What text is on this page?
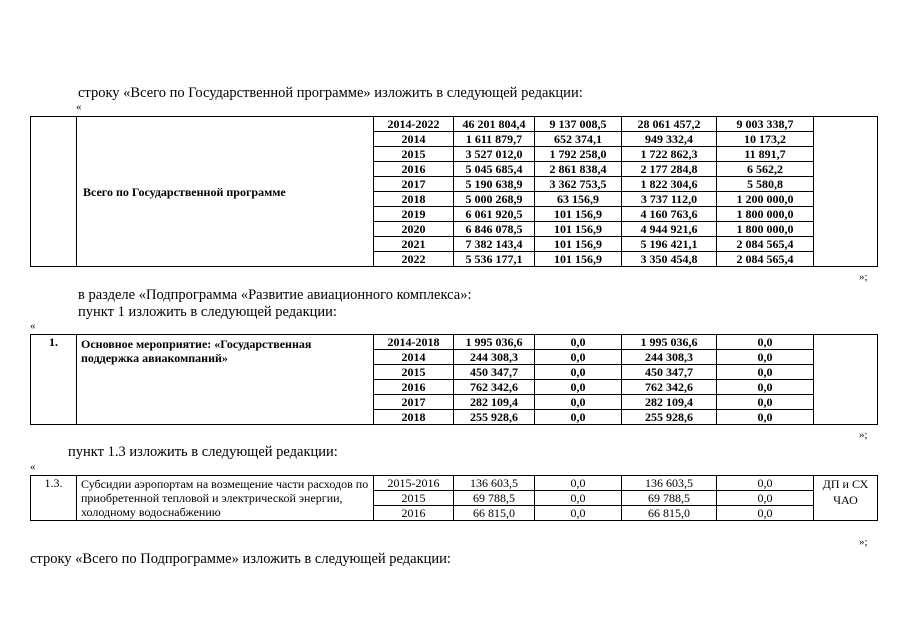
строку «Всего по Государственной программе» изложить в следующей редакции:
«
	Всего по Государственной программе	2014-2022	46 201 804,4	9 137 008,5	28 061 457,2	9 003 338,7	
		2014	1 611 879,7	652 374,1	949 332,4	10 173,2	
		2015	3 527 012,0	1 792 258,0	1 722 862,3	11 891,7	
		2016	5 045 685,4	2 861 838,4	2 177 284,8	6 562,2	
		2017	5 190 638,9	3 362 753,5	1 822 304,6	5 580,8	
		2018	5 000 268,9	63 156,9	3 737 112,0	1 200 000,0	
		2019	6 061 920,5	101 156,9	4 160 763,6	1 800 000,0	
		2020	6 846 078,5	101 156,9	4 944 921,6	1 800 000,0	
		2021	7 382 143,4	101 156,9	5 196 421,1	2 084 565,4	
		2022	5 536 177,1	101 156,9	3 350 454,8	2 084 565,4	
»;
в разделе «Подпрограмма «Развитие авиационного комплекса»:
пункт 1 изложить в следующей редакции:
«
1.	Основное мероприятие: «Государственная поддержка авиакомпаний»	2014-2018	1 995 036,6	0,0	1 995 036,6	0,0	
		2014	244 308,3	0,0	244 308,3	0,0	
		2015	450 347,7	0,0	450 347,7	0,0	
		2016	762 342,6	0,0	762 342,6	0,0	
		2017	282 109,4	0,0	282 109,4	0,0	
		2018	255 928,6	0,0	255 928,6	0,0	
»;
пункт 1.3 изложить в следующей редакции:
«
1.3.	Субсидии аэропортам на возмещение части расходов по приобретенной тепловой и электрической энергии, холодному водоснабжению	2015-2016	136 603,5	0,0	136 603,5	0,0	ДП и СХ ЧАО
		2015	69 788,5	0,0	69 788,5	0,0	
		2016	66 815,0	0,0	66 815,0	0,0	
»;
строку «Всего по Подпрограмме» изложить в следующей редакции:
